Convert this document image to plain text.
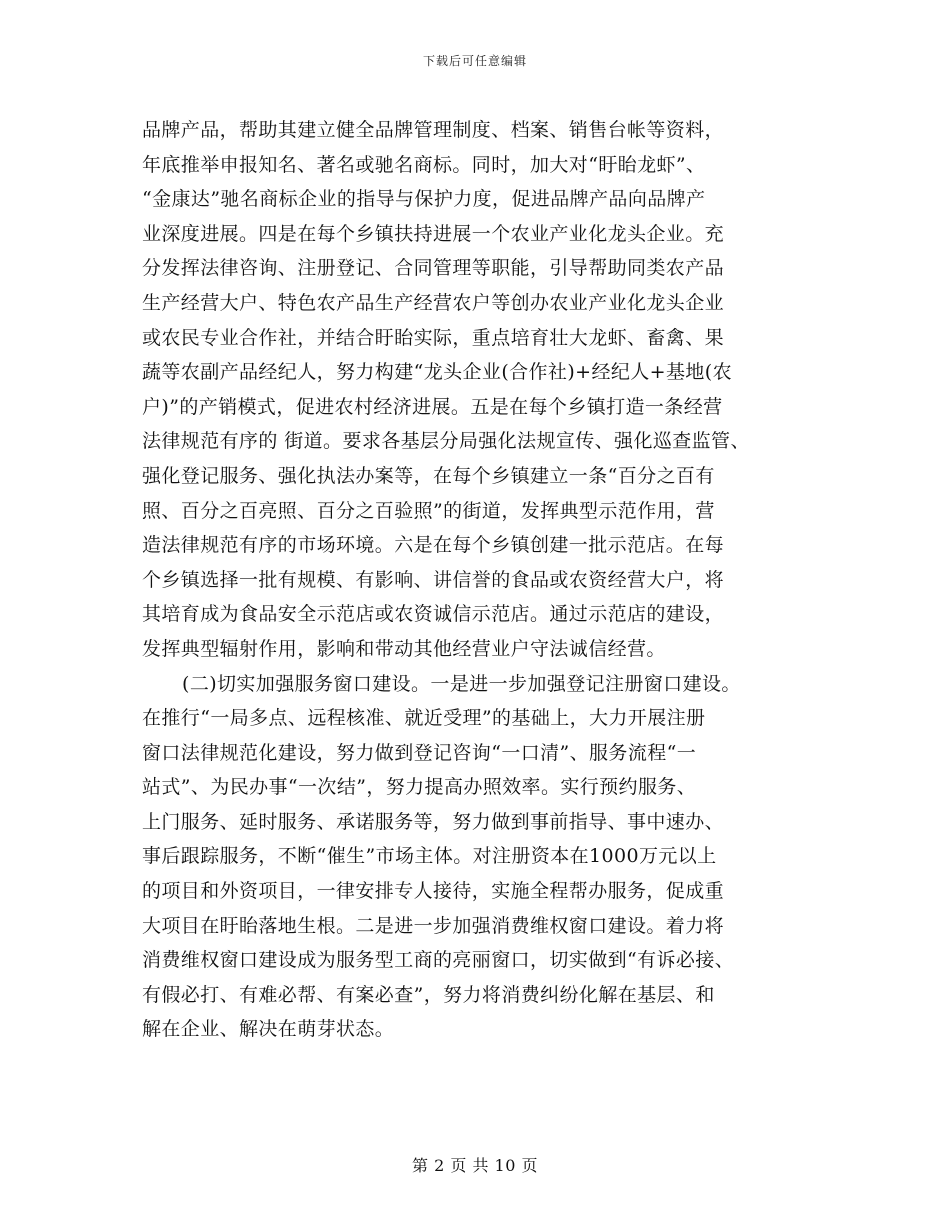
下载后可任意编辑
品牌产品，帮助其建立健全品牌管理制度、档案、销售台帐等资料，
年底推举申报知名、著名或驰名商标。同时，加大对“盱眙龙虾”、
“金康达”驰名商标企业的指导与保护力度，促进品牌产品向品牌产
业深度进展。四是在每个乡镇扶持进展一个农业产业化龙头企业。充
分发挥法律咨询、注册登记、合同管理等职能，引导帮助同类农产品
生产经营大户、特色农产品生产经营农户等创办农业产业化龙头企业
或农民专业合作社，并结合盱眙实际，重点培育壮大龙虾、畜禽、果
蔬等农副产品经纪人，努力构建“龙头企业(合作社)+经纪人+基地(农
户)”的产销模式，促进农村经济进展。五是在每个乡镇打造一条经营
法律规范有序的 街道。要求各基层分局强化法规宣传、强化巡查监管、
强化登记服务、强化执法办案等，在每个乡镇建立一条“百分之百有
照、百分之百亮照、百分之百验照”的街道，发挥典型示范作用，营
造法律规范有序的市场环境。六是在每个乡镇创建一批示范店。在每
个乡镇选择一批有规模、有影响、讲信誉的食品或农资经营大户，将
其培育成为食品安全示范店或农资诚信示范店。通过示范店的建设，
发挥典型辐射作用，影响和带动其他经营业户守法诚信经营。
(二)切实加强服务窗口建设。一是进一步加强登记注册窗口建设。
在推行“一局多点、远程核准、就近受理”的基础上，大力开展注册
窗口法律规范化建设，努力做到登记咨询“一口清”、服务流程“一
站式”、为民办事“一次结”，努力提高办照效率。实行预约服务、
上门服务、延时服务、承诺服务等，努力做到事前指导、事中速办、
事后跟踪服务，不断“催生”市场主体。对注册资本在1000万元以上
的项目和外资项目，一律安排专人接待，实施全程帮办服务，促成重
大项目在盱眙落地生根。二是进一步加强消费维权窗口建设。着力将
消费维权窗口建设成为服务型工商的亮丽窗口，切实做到“有诉必接、
有假必打、有难必帮、有案必查”，努力将消费纠纷化解在基层、和
解在企业、解决在萌芽状态。
第 2 页 共 10 页
